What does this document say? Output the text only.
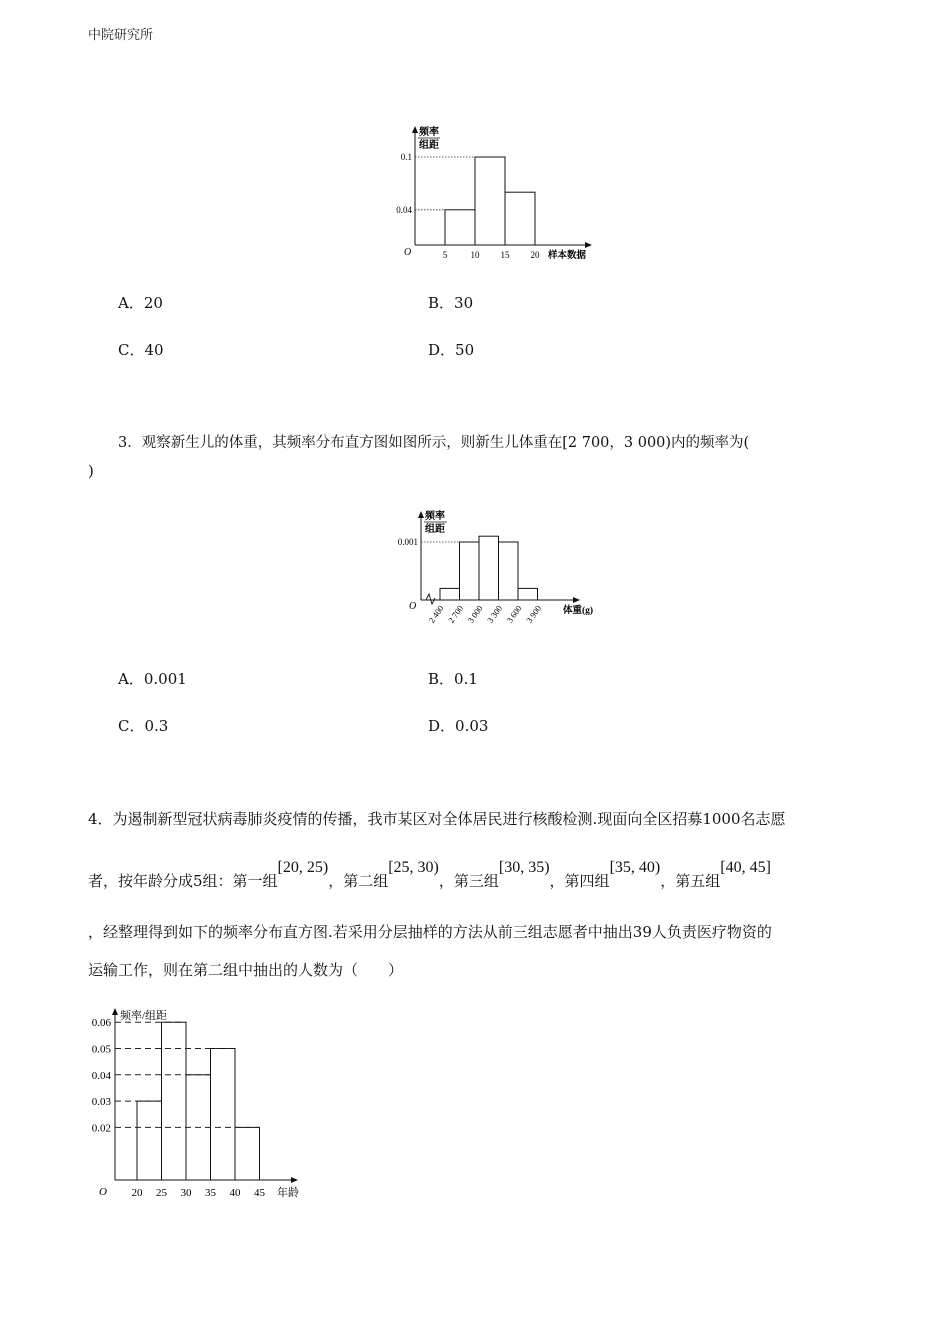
中院研究所
频率
组距
O
0.04
0.1
5	10 15 20 样本数据
A．20	B．30
C．40	D．50
3．观察新生儿的体重，其频率分布直方图如图所示，则新生儿体重在[2 700，3 000)内的频率为(
)
频率
组距
O
0.001
2 400 2 700 3 000 3 300 3 600 3 900 体重(g)
A．0.001	B．0.1
C．0.3	D．0.03
4．为遏制新型冠状病毒肺炎疫情的传播，我市某区对全体居民进行核酸检测.现面向全区招募1000名志愿
者，按年龄分成5组：第一组[20, 25)，第二组[25, 30)，第三组[30, 35)，第四组[35, 40)，第五组[40, 45]
，经整理得到如下的频率分布直方图.若采用分层抽样的方法从前三组志愿者中抽出39人负责医疗物资的
运输工作，则在第二组中抽出的人数为（　　）
频率/组距
O
0.06
0.05
0.04
0.03
0.02
20 25 30 35 40 45 年龄
